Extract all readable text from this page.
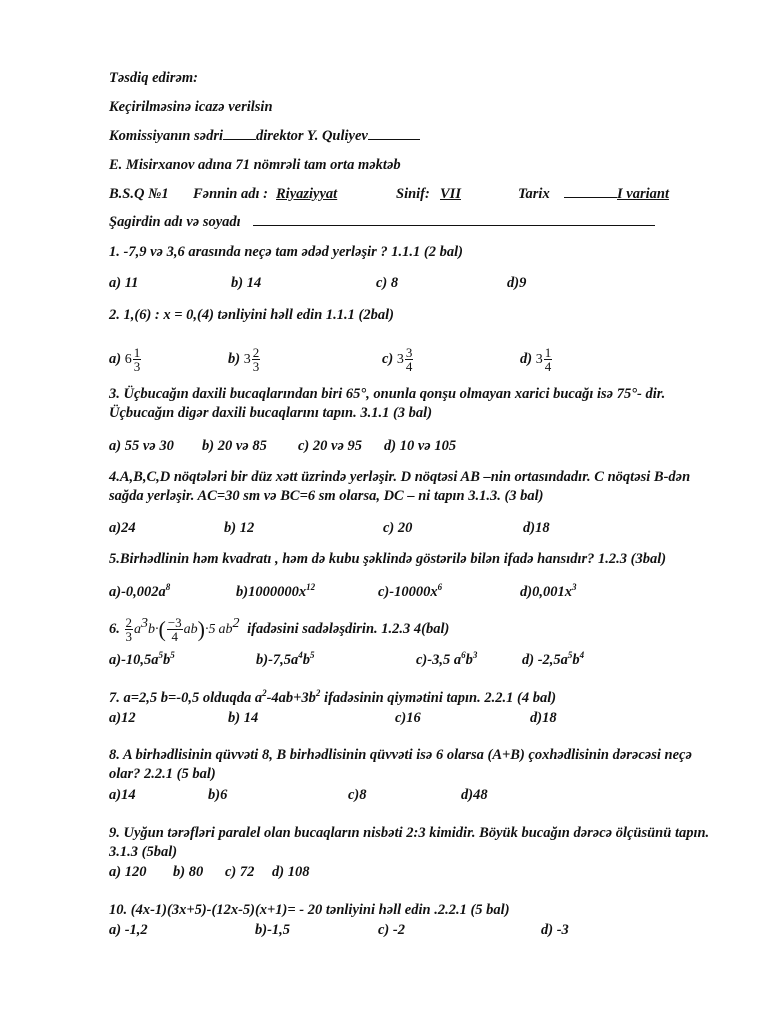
Təsdiq edirəm:
Keçirilməsinə icazə verilsin
Komissiyanın sədri direktor Y. Quliyev
E. Misirxanov adına 71 nömrəli tam orta məktəb
B.S.Q №1 Fənnin adı : Riyaziyyat	Sinif: VII	Tarix	I variant
Şagirdin adı və soyadı
1. -7,9 və 3,6 arasında neçə tam ədəd yerləşir ? 1.1.1 (2 bal)
a) 11	b) 14	c) 8	d)9
2. 1,(6) : x = 0,(4) tənliyini həll edin 1.1.1 (2bal)
a) $6 \frac{1}{3}$	b) $3 \frac{2}{3}$	c) $3 \frac{3}{4}$	d) $3 \frac{1}{4}$
3. Üçbucağın daxili bucaqlarından biri 65°, onunla qonşu olmayan xarici bucağı isə 75°- dir. Üçbucağın digər daxili bucaqlarını tapın. 3.1.1 (3 bal)
a) 55 və 30 b) 20 və 85 c) 20 və 95 d) 10 və 105
4.A,B,C,D nöqtələri bir düz xətt üzrində yerləşir. D nöqtəsi AB –nin ortasındadır. C nöqtəsi B-dən sağda yerləşir. AC=30 sm və BC=6 sm olarsa, DC – ni tapın 3.1.3. (3 bal)
a)24	b) 12	c) 20	d)18
5.Birhədlinin həm kvadratı , həm də kubu şəklində göstərilə bilən ifadə hansıdır? 1.2.3 (3bal)
$a)-0,002a^8$	$b)1000000x^{12}$	$c)-10000x^6$	$d)0,001x^3$
6. $\frac{2}{3} a^3b\cdot( \frac{-3}{4} ab)\cdot 5$ $ab^2$ ifadəsini sadələşdirin. 1.2.3 4(bal)
$a)-10,5a^5b^5$	$b)-7,5a^4b^5$	c)-3,5 $a^6b^3$	d) $-2,5a^5b^4$
7. a=2,5 b=-0,5 olduqda $a^2-4ab+3b^2$ ifadəsinin qiymətini tapın. 2.2.1 (4 bal)
a)12	b) 14	c)16	d)18
8. A birhədlisinin qüvvəti 8, B birhədlisinin qüvvəti isə 6 olarsa (A+B) çoxhədlisinin dərəcəsi neçə olar? 2.2.1 (5 bal)
a)14	b)6	c)8	d)48
9. Uyğun tərəfləri paralel olan bucaqların nisbəti 2:3 kimidir. Böyük bucağın dərəcə ölçüsünü tapın. 3.1.3 (5bal)
a) 120 b) 80 c) 72 d) 108
10. (4x-1)(3x+5)-(12x-5)(x+1)= - 20 tənliyini həll edin .2.2.1 (5 bal)
a) -1,2	b)-1,5	c) -2	d) -3
